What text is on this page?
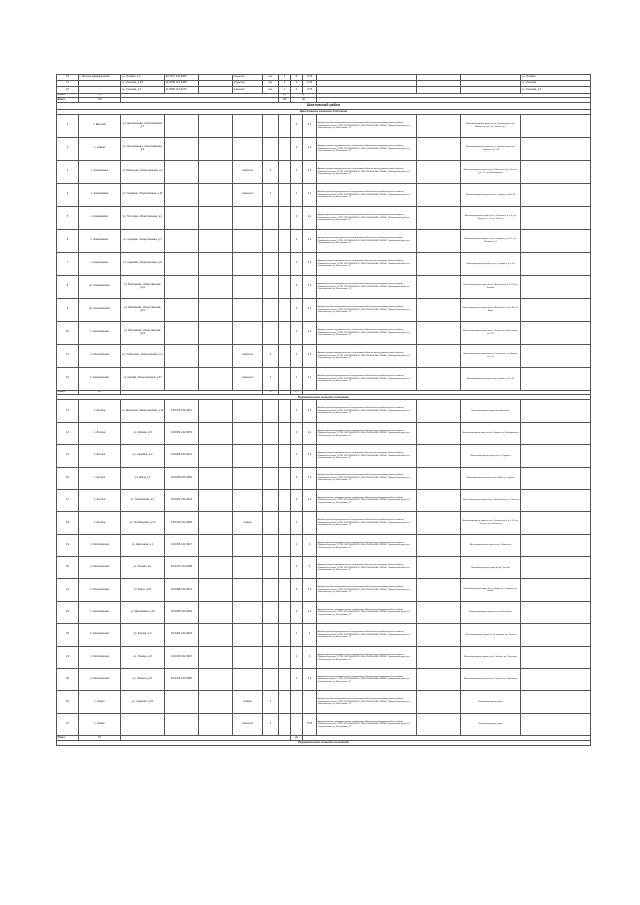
13	с. Вольно-Надеждинское	ул. Луговая, д.4	43.3712 131.9303		открытое	нет	1	0	0.75				ул. Луговая
14		ул. Озерная, д.18	43.3698 131.9288		открытое	нет	1	0	0.75				ул. Озерная
15		ул. Озерная, д.2	43.3689 131.9276		открытое	нет	1	0	0.75				ул. Озерная, д.2
Итого	15						11	2					
Всего	179						115	20					
Шкотовский район													
Центральное сельское поселение													
1	п. Шкотово	ул. Центральная, общественная, д.7						0	1.1	Администрация муниципального образования Шкотовского муниципального района Приморского края, ОГРН 1022500640376, ИНН 2503000498, 692800, Приморский край, пгт. Смоляниново, ул. Маслакова, 12		Многоквартирные дома по ул. Центральная, ул. Школьная, д.1, ул. Лесная, д.2	
2	с. Новый	ул. Центральная, общественная, д.4						0	1.1	Администрация муниципального образования Шкотовского муниципального района Приморского края, ОГРН 1022500640376, ИНН 2503000498, 692800, Приморский край, пгт. Смоляниново, ул. Маслакова, 12		Многоквартирные дома по ул. Центральная, ул. Садовая, д.1–19	
3	с. Анисимовка	ул. Школьная, общественная, д.1			открытое	1		1	1.1	Администрация муниципального образования Шкотовского муниципального района Приморского края, ОГРН 1022500640376, ИНН 2503000498, 692800, Приморский край, пгт. Смоляниново, ул. Маслакова, 12		Многоквартирные дома по ул. Школьная, ул. Лесная, д.1–17, ул. Молодежная	
4	с. Анисимовка	ул. Садовая, общественная, д.27			открытое	1		1	1.1	Администрация муниципального образования Шкотовского муниципального района Приморского края, ОГРН 1022500640376, ИНН 2503000498, 692800, Приморский край, пгт. Смоляниново, ул. Маслакова, 12		Многоквартирные дома по ул. Садовая, д.16–35	
5	с. Новонежино	ул. Почтовая, общественная, д.1						2	1.1	Администрация муниципального образования Шкотовского муниципального района Приморского края, ОГРН 1022500640376, ИНН 2503000498, 692800, Приморский край, пгт. Смоляниново, ул. Маслакова, 12		Многоквартирные дома по ул. Почтовая, д.1–9, ул. Мира, д.1–11, ул. Лесная	
6	с. Новонежино	ул. Садовая, общественная, д.1						2	1.1	Администрация муниципального образования Шкотовского муниципального района Приморского края, ОГРН 1022500640376, ИНН 2503000498, 692800, Приморский край, пгт. Смоляниново, ул. Маслакова, 12		Многоквартирные дома по ул. Садовая, д.1–17, ул. Полевая, д.1	
7	с. Новонежино	ул. Садовая, общественная, д.5						0	1.1	Администрация муниципального образования Шкотовского муниципального района Приморского края, ОГРН 1022500640376, ИНН 2503000498, 692800, Приморский край, пгт. Смоляниново, ул. Маслакова, 12		Многоквартирные дома по ул. Садовая, д.1–29	
8	ур. Смоляниново	ул. Маслакова, общественная, д.11						2	1.1	Администрация муниципального образования Шкотовского муниципального района Приморского края, ОГРН 1022500640376, ИНН 2503000498, 692800, Приморский край, пгт. Смоляниново, ул. Маслакова, 12		Многоквартирные дома по ул. Маслакова, д.7–23, ул. Ленина	
9	ур. Смоляниново	ул. Маслакова, общественная, д.27						2	1.1	Администрация муниципального образования Шкотовского муниципального района Приморского края, ОГРН 1022500640376, ИНН 2503000498, 692800, Приморский край, пгт. Смоляниново, ул. Маслакова, 12		Многоквартирные дома по ул. Маслакова, д.25–39, ул. Мира	
10	п. Смоляниново	ул. Маслакова, общественная, д.15						1	1.1	Администрация муниципального образования Шкотовского муниципального района Приморского края, ОГРН 1022500640376, ИНН 2503000498, 692800, Приморский край, пгт. Смоляниново, ул. Маслакова, 12		Многоквартирные дома по ул. Ленина, ул. Маслакова, д.1–21	
11	п. Смоляниново	ул. Советская, общественная, д.1			открытое	1		1	1.1	Администрация муниципального образования Шкотовского муниципального района Приморского края, ОГРН 1022500640376, ИНН 2503000498, 692800, Приморский край, пгт. Смоляниново, ул. Маслакова, 12		Многоквартирные дома по ул. Советская, ул. Кирова, д.1–11	
12	с. Смоляниново	ул. Кирова, общественная, д.27			открытое	1		1	1.1	Администрация муниципального образования Шкотовского муниципального района Приморского края, ОГРН 1022500640376, ИНН 2503000498, 692800, Приморский край, пгт. Смоляниново, ул. Маслакова, 12		Многоквартирные дома по ул. Кирова, д.12–37	
Итого	12					4		17					
Подъяпольское сельское поселение													
13	п. Лесное	ул. Школьная, общественная, д.14	43.0375 132.4512					2	1.1	Администрация муниципального образования Шкотовского муниципального района Приморского края, ОГРН 1022500640376, ИНН 2503000498, 692800, Приморский край, пгт. Смоляниново, ул. Маслакова, 12		Многоквартирные дома ул. Школьная	
14	п. Лесное	ул. Кирова, д.8	43.0381 132.4503					2	1.1	Администрация муниципального образования Шкотовского муниципального района Приморского края, ОГРН 1022500640376, ИНН 2503000498, 692800, Приморский край, пгт. Смоляниново, ул. Маслакова, 12		Многоквартирные дома по ул. Кирова, ул. Молодежная	
15	п. Лесное	ул. Садовая, д.2	43.0366 132.4521					2	1.1	Администрация муниципального образования Шкотовского муниципального района Приморского края, ОГРН 1022500640376, ИНН 2503000498, 692800, Приморский край, пгт. Смоляниново, ул. Маслакова, 12		Многоквартирные дома по ул. Садовая	
16	с. Лесное	ул. Мира, д.1	43.0359 132.4530					2	1.1	Администрация муниципального образования Шкотовского муниципального района Приморского края, ОГРН 1022500640376, ИНН 2503000498, 692800, Приморский край, пгт. Смоляниново, ул. Маслакова, 12		Многоквартирные дома по ул. Мира, ул. Новая	
17	п. Лесное	ул. Пушкинская, д.1	43.0352 132.4544					2	1.1	Администрация муниципального образования Шкотовского муниципального района Приморского края, ОГРН 1022500640376, ИНН 2503000498, 692800, Приморский край, пгт. Смоляниново, ул. Маслакова, 12		Многоквартирные дома по ул. Пушкинская, ул. Лесная	
18	п. Лесное	ул. Октябрьская, д.13	43.0344 132.4559		бункер			4		Администрация муниципального образования Шкотовского муниципального района Приморского края, ОГРН 1022500640376, ИНН 2503000498, 692800, Приморский край, пгт. Смоляниново, ул. Маслакова, 12		Многоквартирные дома по ул. Октябрьская, д.1–13, ул. Лесная, ул. Школьная	
19	п. Смоляниново	ул. Школьная, д.1	43.3366 132.4917					1	4	Администрация муниципального образования Шкотовского муниципального района Приморского края, ОГРН 1022500640376, ИНН 2503000498, 692800, Приморский край, пгт. Смоляниново, ул. Маслакова, 12		Многоквартирные дома по ул. Школьная	
20	п. Смоляниново	ул. Лесная, д.1	43.3372 132.4908					1	4	Администрация муниципального образования Шкотовского муниципального района Приморского края, ОГРН 1022500640376, ИНН 2503000498, 692800, Приморский край, пгт. Смоляниново, ул. Маслакова, 12		Многоквартирные дома по ул. Лесная	
21	п. Смоляниново	ул. Мира, д.10	43.3388 132.4921					2	1.1	Администрация муниципального образования Шкотовского муниципального района Приморского края, ОГРН 1022500640376, ИНН 2503000498, 692800, Приморский край, пгт. Смоляниново, ул. Маслакова, 12		Многоквартирные дома по ул. Мира, ул. Садовая, ул. Новая	
22	п. Смоляниново	ул. Маслакова, д.23	43.3395 132.4930					2	1.1	Администрация муниципального образования Шкотовского муниципального района Приморского края, ОГРН 1022500640376, ИНН 2503000498, 692800, Приморский край, пгт. Смоляниново, ул. Маслакова, 12		Многоквартирные дома по ул. Маслакова	
23	п. Смоляниново	ул. Кирова, д.3	43.3401 132.4939					1	4	Администрация муниципального образования Шкотовского муниципального района Приморского края, ОГРН 1022500640376, ИНН 2503000498, 692800, Приморский край, пгт. Смоляниново, ул. Маслакова, 12		Многоквартирные дома по ул. Кирова, ул. Лесная	
24	п. Смоляниново	ул. Ленина, д.9	43.3409 132.4947					1	4	Администрация муниципального образования Шкотовского муниципального района Приморского края, ОГРН 1022500640376, ИНН 2503000498, 692800, Приморский край, пгт. Смоляниново, ул. Маслакова, 12		Многоквартирные дома по ул. Ленина, ул. Почтовая	
25	п. Смоляниново	ул. Ленина, д.27	43.3416 132.4955					2	1.1	Администрация муниципального образования Шкотовского муниципального района Приморского края, ОГРН 1022500640376, ИНН 2503000498, 692800, Приморский край, пгт. Смоляниново, ул. Маслакова, 12		Многоквартирные дома по ул. Ленина, ул. Школьная	
26	с. Новое	ул. Садовая, д.15			бункер	1				Администрация муниципального образования Шкотовского муниципального района Приморского края, ОГРН 1022500640376, ИНН 2503000498, 692800, Приморский край, пгт. Смоляниново, ул. Маслакова, 12		Многоквартирные дома	
27	с. Новое				открытое	1			0.75	Администрация муниципального образования Шкотовского муниципального района Приморского края, ОГРН 1022500640376, ИНН 2503000498, 692800, Приморский край, пгт. Смоляниново, ул. Маслакова, 12		Многоквартирные дома	
Итого	15							29					
Подъяпольское сельское поселение													
